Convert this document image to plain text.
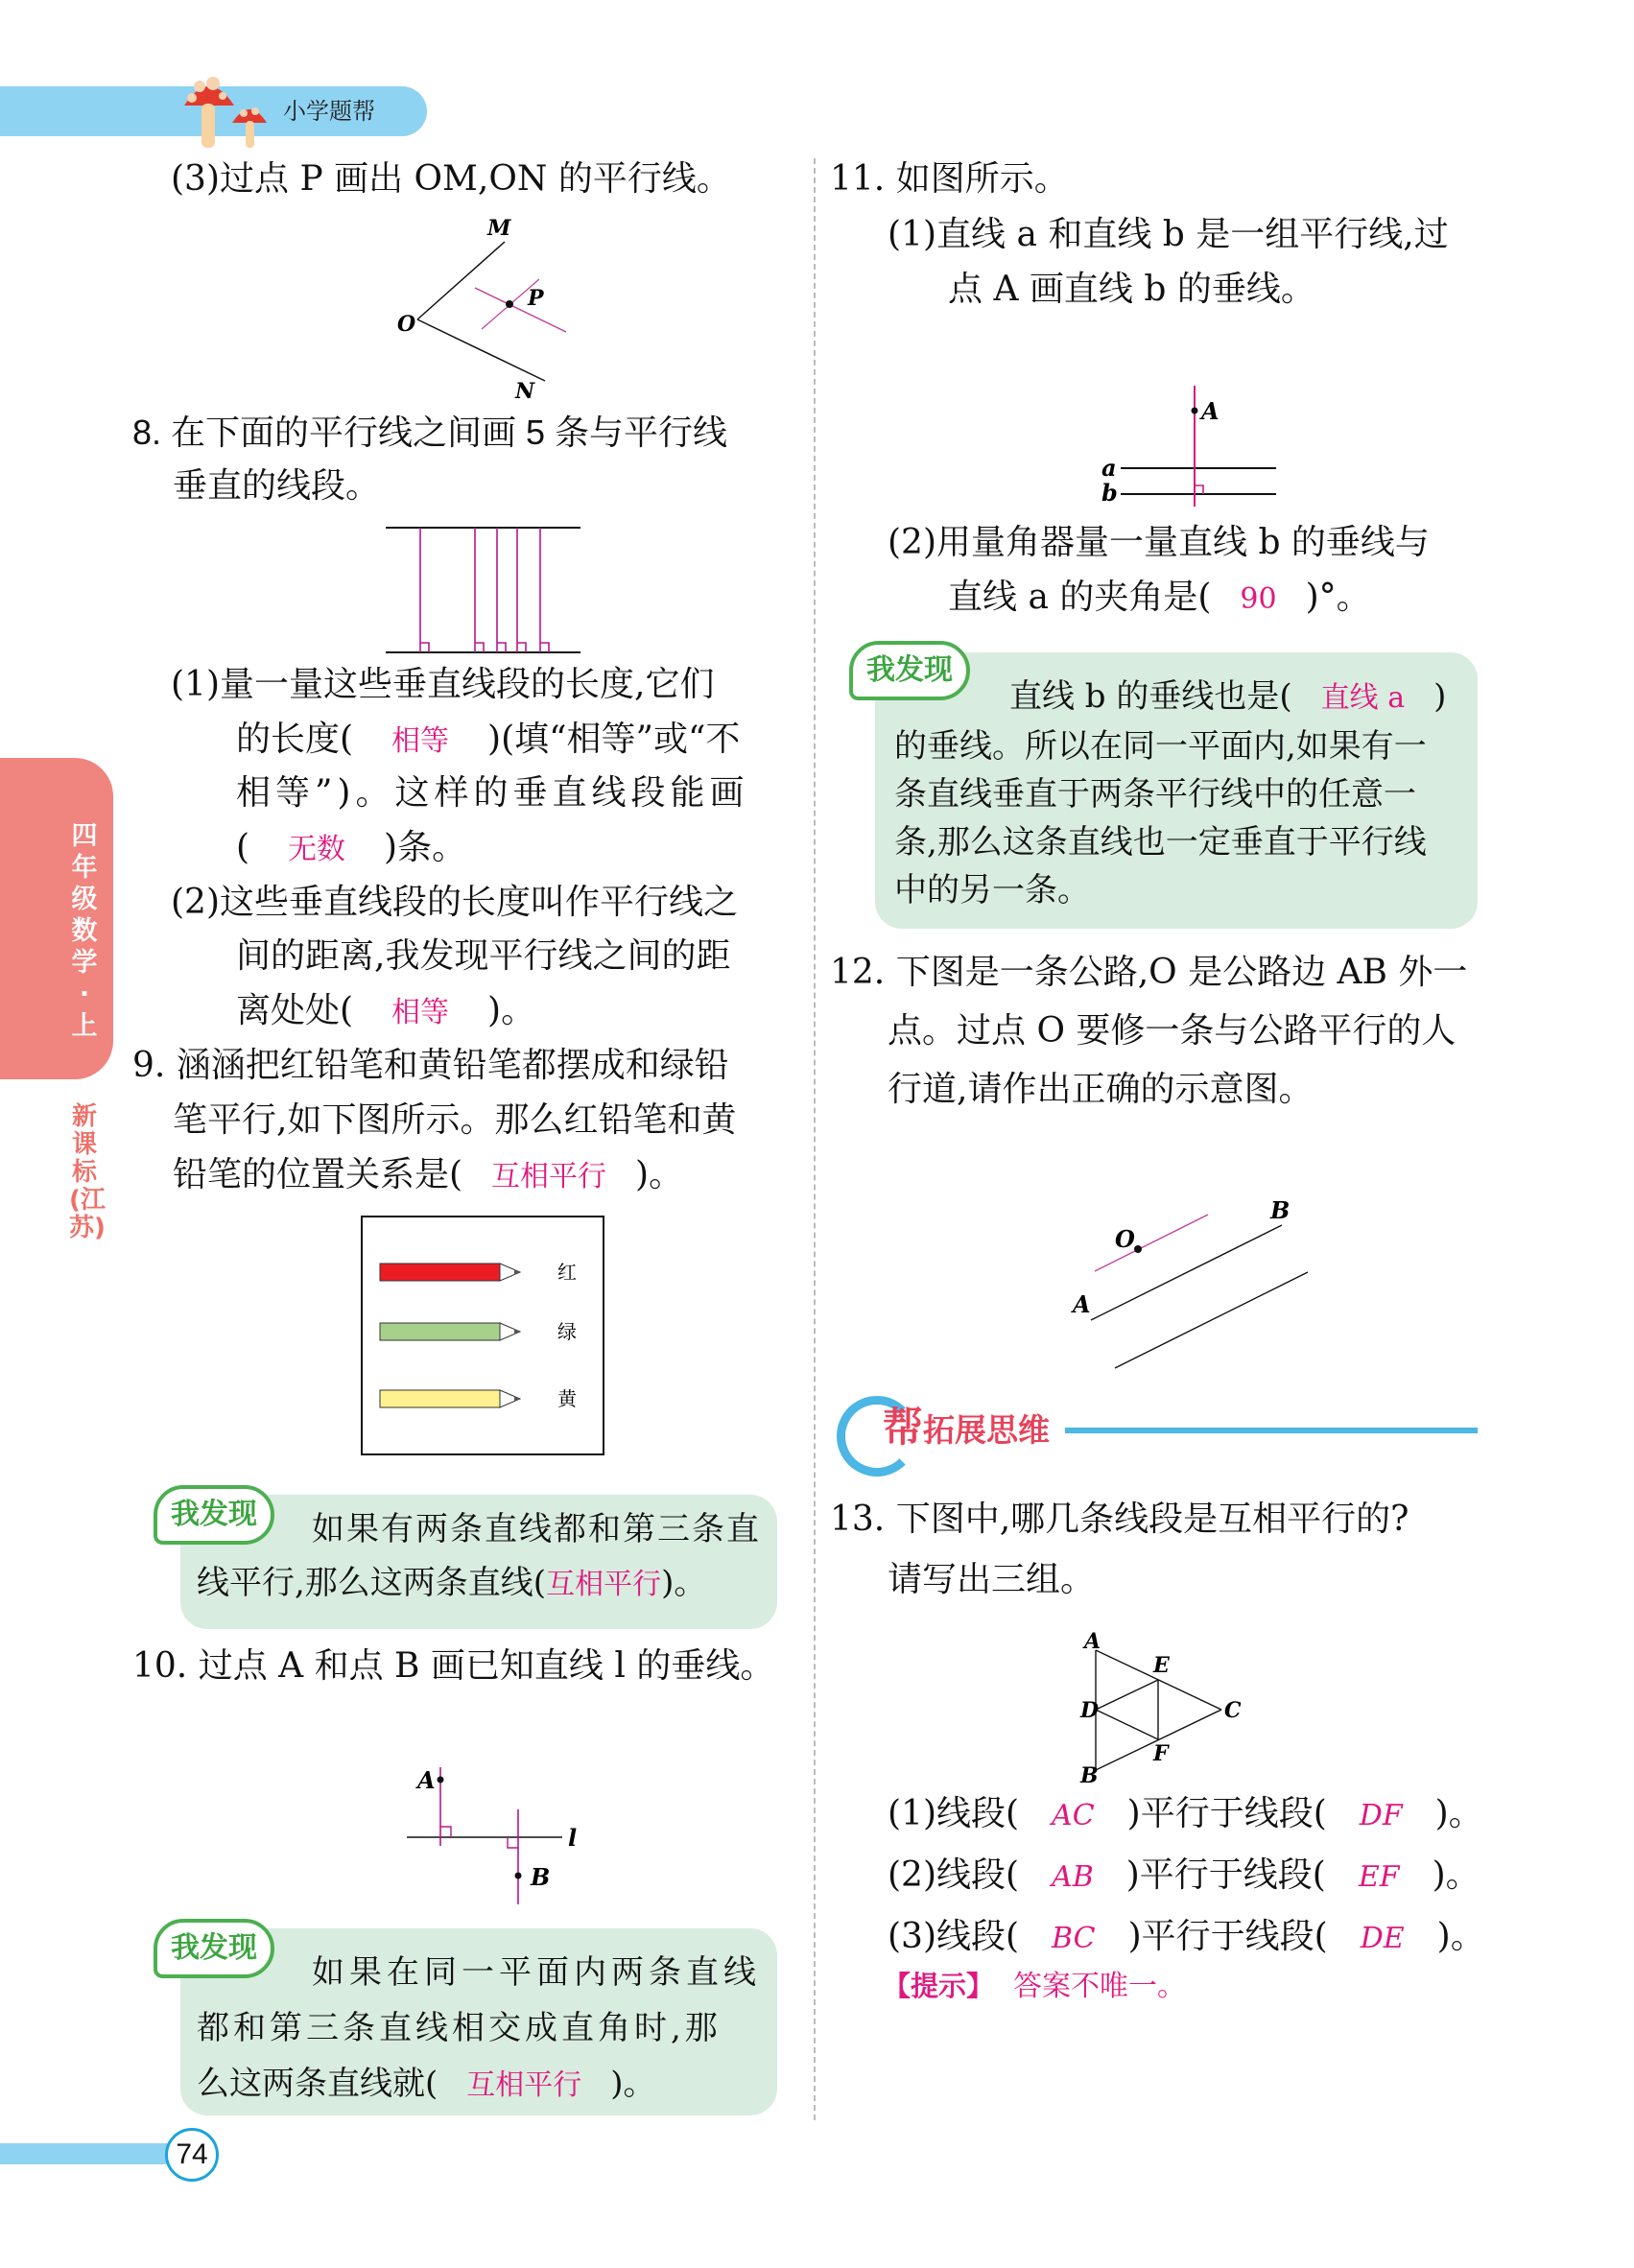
小学题帮
四年级数学·上
新课标(江苏)
(3)过点 P 画出 OM,ON 的平行线。
M
O
N
P
8. 在下面的平行线之间画 5 条与平行线
垂直的线段。
(1)量一量这些垂直线段的长度,它们
的长度( 相等 )(填“相等”或“不
相等”)。这样的垂直线段能画
( 无数 )条。
(2)这些垂直线段的长度叫作平行线之
间的距离,我发现平行线之间的距
离处处( 相等 )。
9. 涵涵把红铅笔和黄铅笔都摆成和绿铅
笔平行,如下图所示。那么红铅笔和黄
铅笔的位置关系是( 互相平行 )。
红
绿
黄
我发现	如果有两条直线都和第三条直
线平行,那么这两条直线(互相平行)。
10. 过点 A 和点 B 画已知直线 l 的垂线。
A
B
l
我发现
如果在同一平面内两条直线
都和第三条直线相交成直角时,那
么这两条直线就( 互相平行 )。
11. 如图所示。
(1)直线 a 和直线 b 是一组平行线,过
点 A 画直线 b 的垂线。
A
a
b
(2)用量角器量一量直线 b 的垂线与
直线 a 的夹角是( 90 )°。
我发现
直线 b 的垂线也是( 直线 a )
的垂线。所以在同一平面内,如果有一
条直线垂直于两条平行线中的任意一
条,那么这条直线也一定垂直于平行线
中的另一条。
12. 下图是一条公路,O 是公路边 AB 外一
点。过点 O 要修一条与公路平行的人
行道,请作出正确的示意图。
O
A
B
帮拓展思维
13. 下图中,哪几条线段是互相平行的?
请写出三组。
A
D
B
E
F
C
(1)线段( AC )平行于线段( DF )。
(2)线段( AB )平行于线段( EF )。
(3)线段( BC )平行于线段( DE )。
【提示】 答案不唯一。
74
